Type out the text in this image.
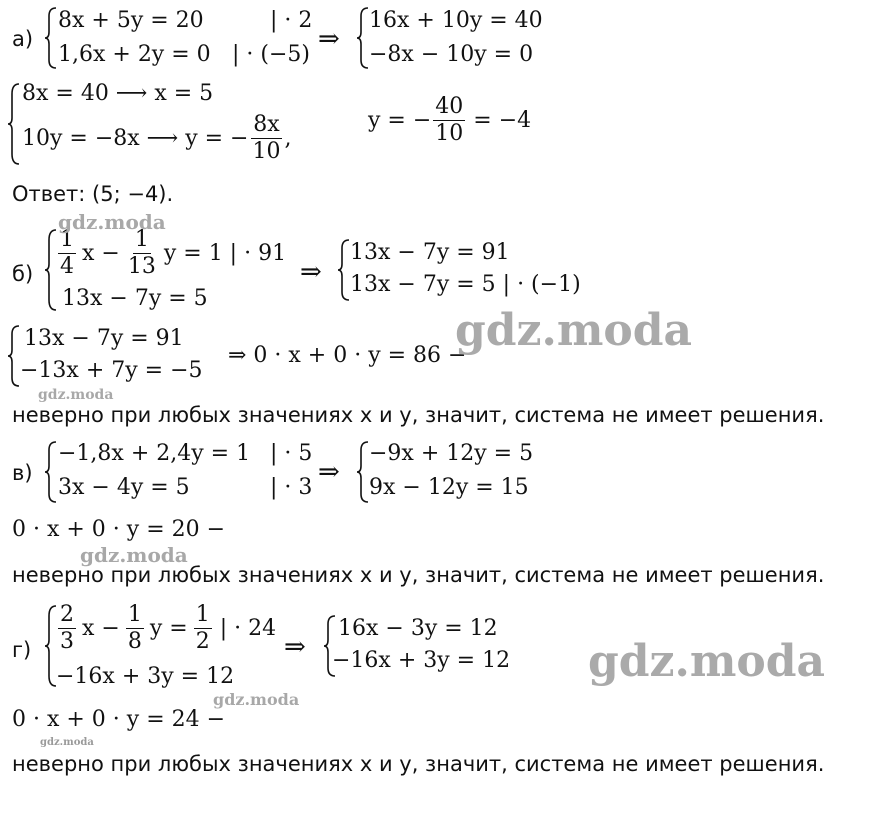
а)
8x + 5y = 20	| · 2
1,6x + 2y = 0 | · (−5)
⇒
16x + 10y = 40
−8x − 10y = 0
8x = 40 ⟶ x = 5
10y = −8x ⟶ y = − $\frac{8x}{10}$ ,
y = − $\frac{40}{10} = -4$
Ответ: (5; −4).
$б) \frac{1}{4}$ $x - \frac{1}{13}$ y = 1 | · 91
13x − 7y = 5
⇒
13x − 7y = 91
13x − 7y = 5 | · (−1)
13x − 7y = 91
−13x + 7y = −5
⇒ 0 · x + 0 · y = 86 −
неверно при любых значениях x и y, значит, система не имеет решения.
в)
−1,8x + 2,4y = 1 | · 5
3x − 4y = 5	| · 3
⇒
−9x + 12y = 5
9x − 12y = 15
0 · x + 0 · y = 20 −
неверно при любых значениях x и y, значит, система не имеет решения.
$г) \frac{2}{3}$ $x - \frac{1}{8}$ $y = \frac{1}{2}$ | · 24
−16x + 3y = 12
⇒
16x − 3y = 12
−16x + 3y = 12
0 · x + 0 · y = 24 −
неверно при любых значениях x и y, значит, система не имеет решения.
gdz.moda
gdz.moda
gdz.moda
gdz.moda
gdz.moda
gdz.moda
gdz.moda
